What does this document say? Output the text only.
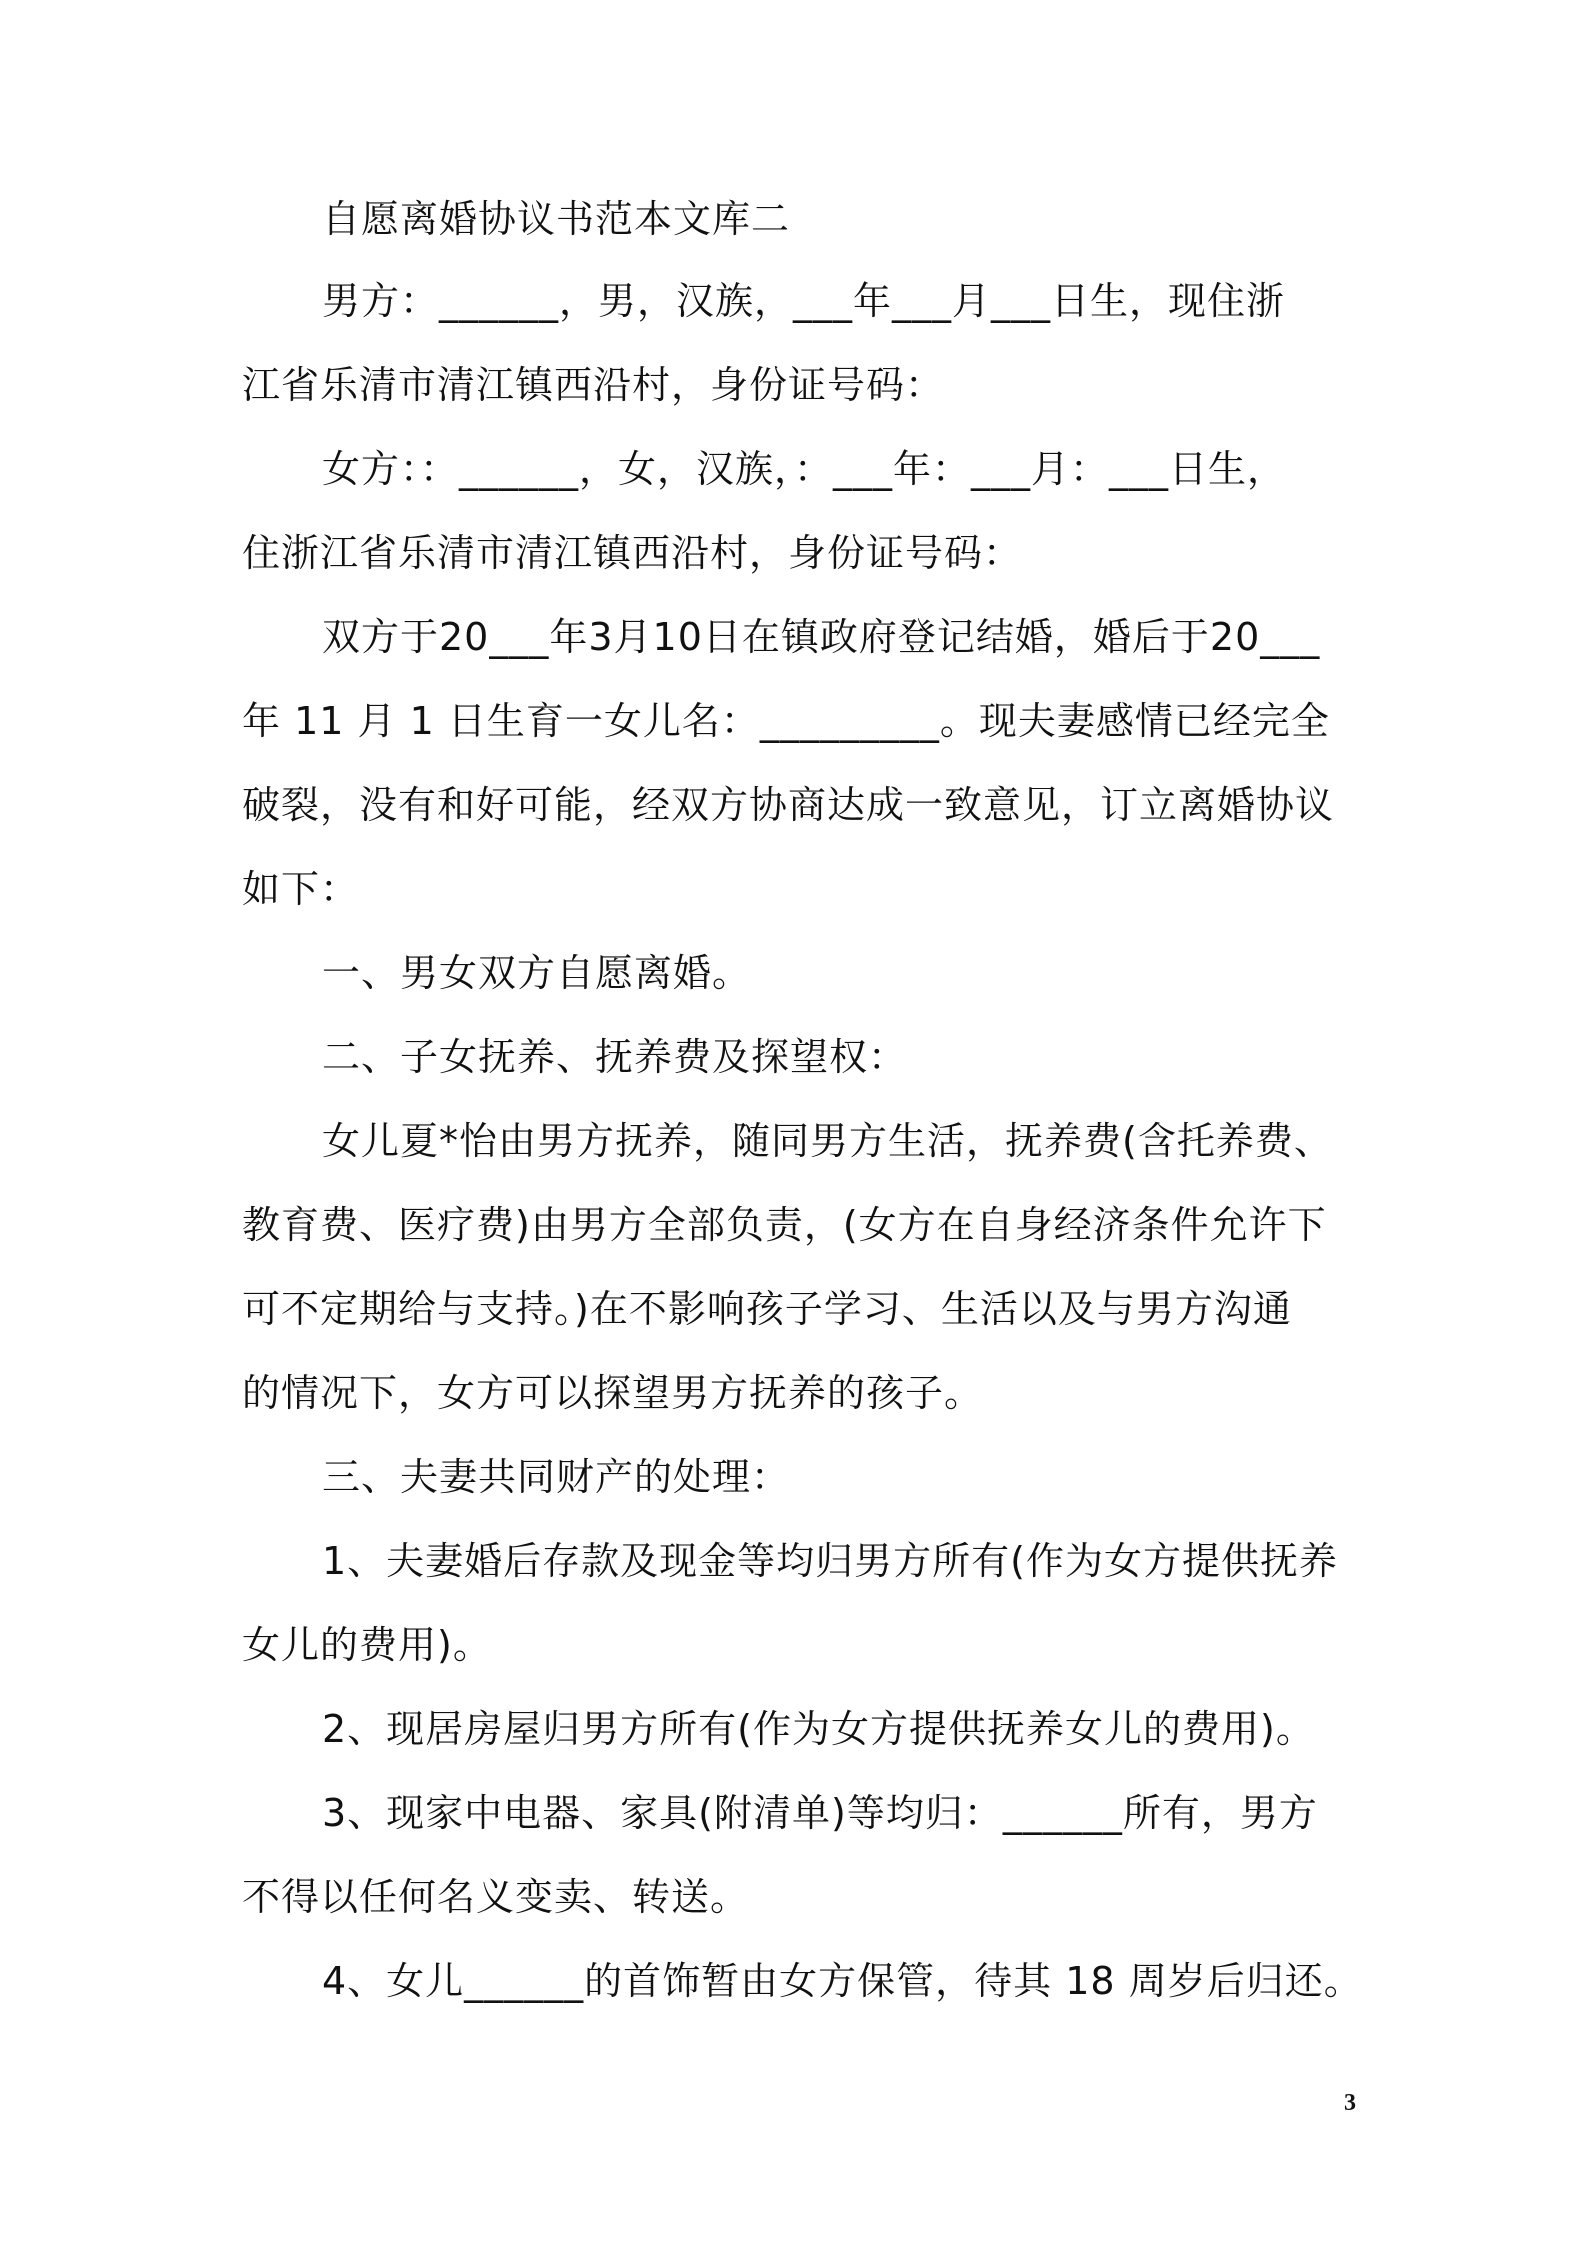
自愿离婚协议书范本文库二
男方：______，男，汉族，___年___月___日生，现住浙
江省乐清市清江镇西沿村，身份证号码：
女方：：______，女，汉族，：___年：___月：___日生，
住浙江省乐清市清江镇西沿村，身份证号码：
双方于20___年3月10日在镇政府登记结婚，婚后于20___
年 11 月 1 日生育一女儿名：_________。现夫妻感情已经完全
破裂，没有和好可能，经双方协商达成一致意见，订立离婚协议
如下：
一、男女双方自愿离婚。
二、子女抚养、抚养费及探望权：
女儿夏*怡由男方抚养，随同男方生活，抚养费(含托养费、
教育费、医疗费)由男方全部负责，(女方在自身经济条件允许下
可不定期给与支持。)在不影响孩子学习、生活以及与男方沟通
的情况下，女方可以探望男方抚养的孩子。
三、夫妻共同财产的处理：
1、夫妻婚后存款及现金等均归男方所有(作为女方提供抚养
女儿的费用)。
2、现居房屋归男方所有(作为女方提供抚养女儿的费用)。
3、现家中电器、家具(附清单)等均归：______所有，男方
不得以任何名义变卖、转送。
4、女儿______的首饰暂由女方保管，待其 18 周岁后归还。
3
